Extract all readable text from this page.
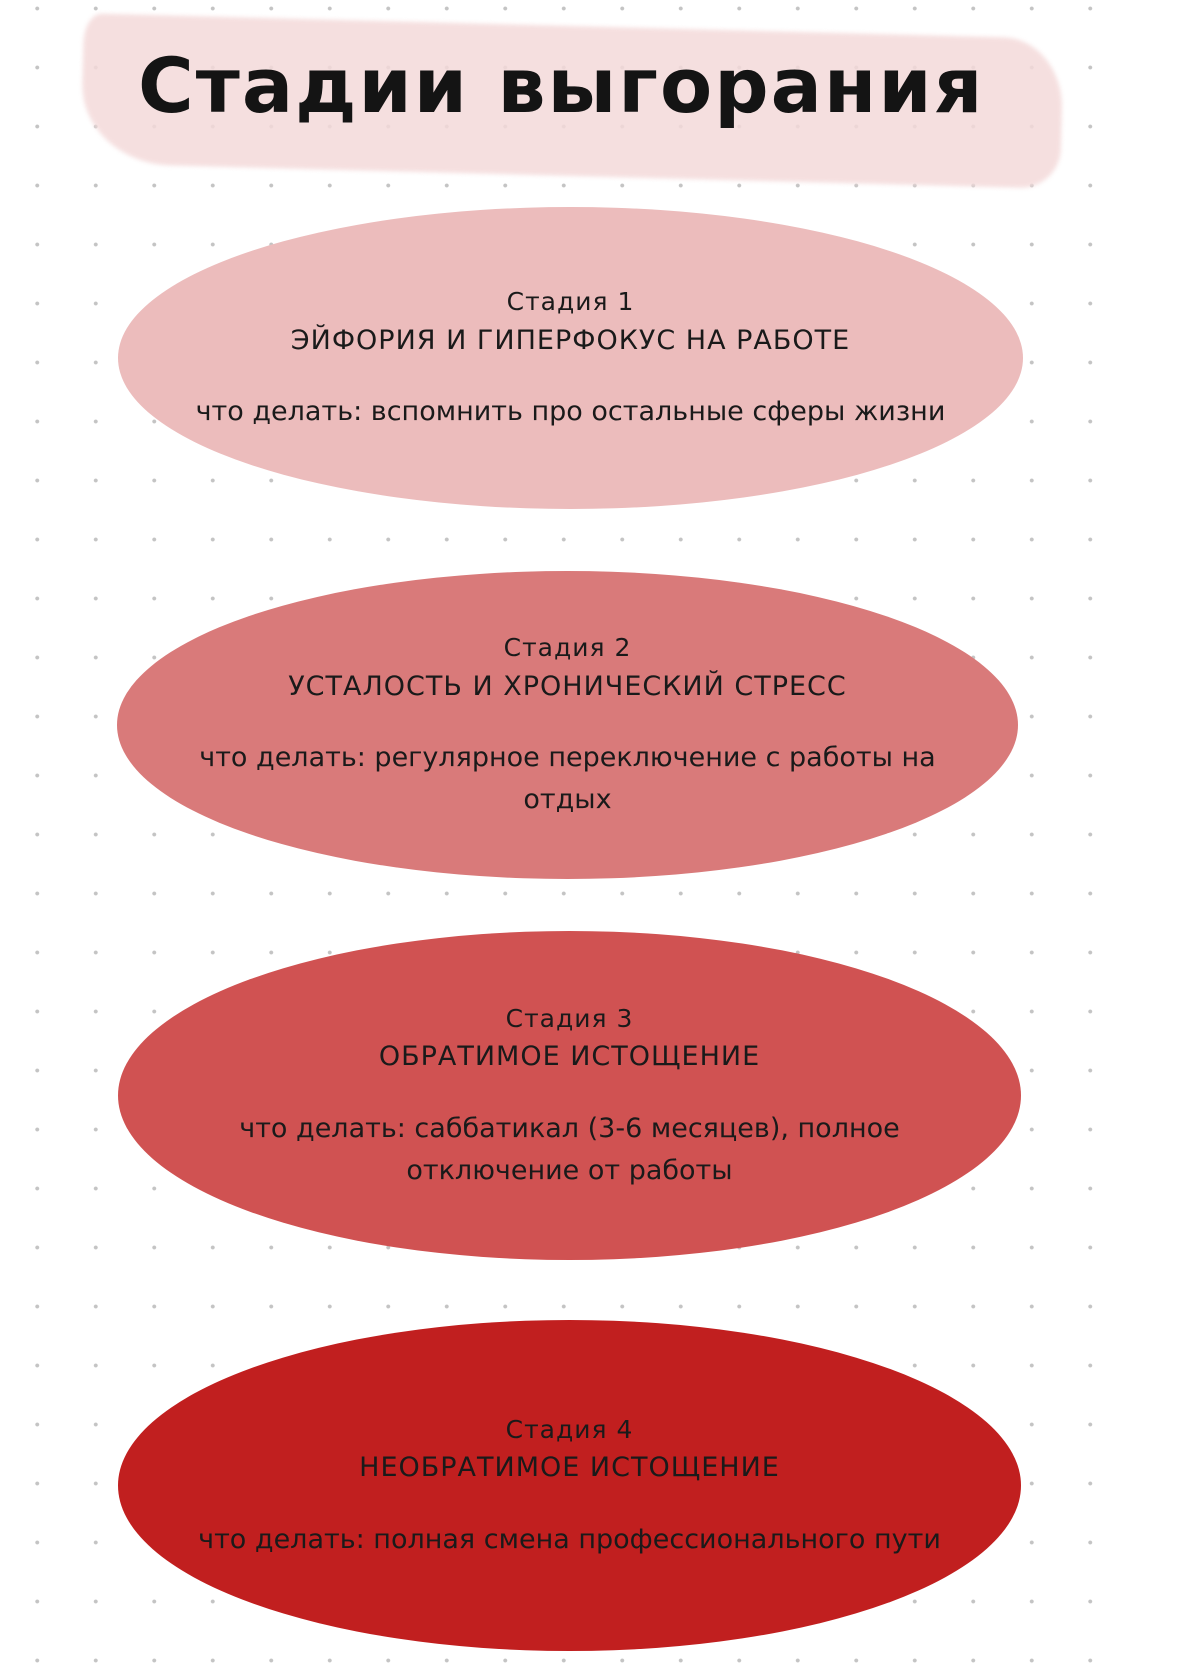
Стадии выгорания
Стадия 1
ЭЙФОРИЯ И ГИПЕРФОКУС НА РАБОТЕ
что делать: вспомнить про остальные сферы жизни
Стадия 2
УСТАЛОСТЬ И ХРОНИЧЕСКИЙ СТРЕСС
что делать: регулярное переключение с работы на отдых
Стадия 3
ОБРАТИМОЕ ИСТОЩЕНИЕ
что делать: саббатикал (3-6 месяцев), полное отключение от работы
Стадия 4
НЕОБРАТИМОЕ ИСТОЩЕНИЕ
что делать: полная смена профессионального пути
